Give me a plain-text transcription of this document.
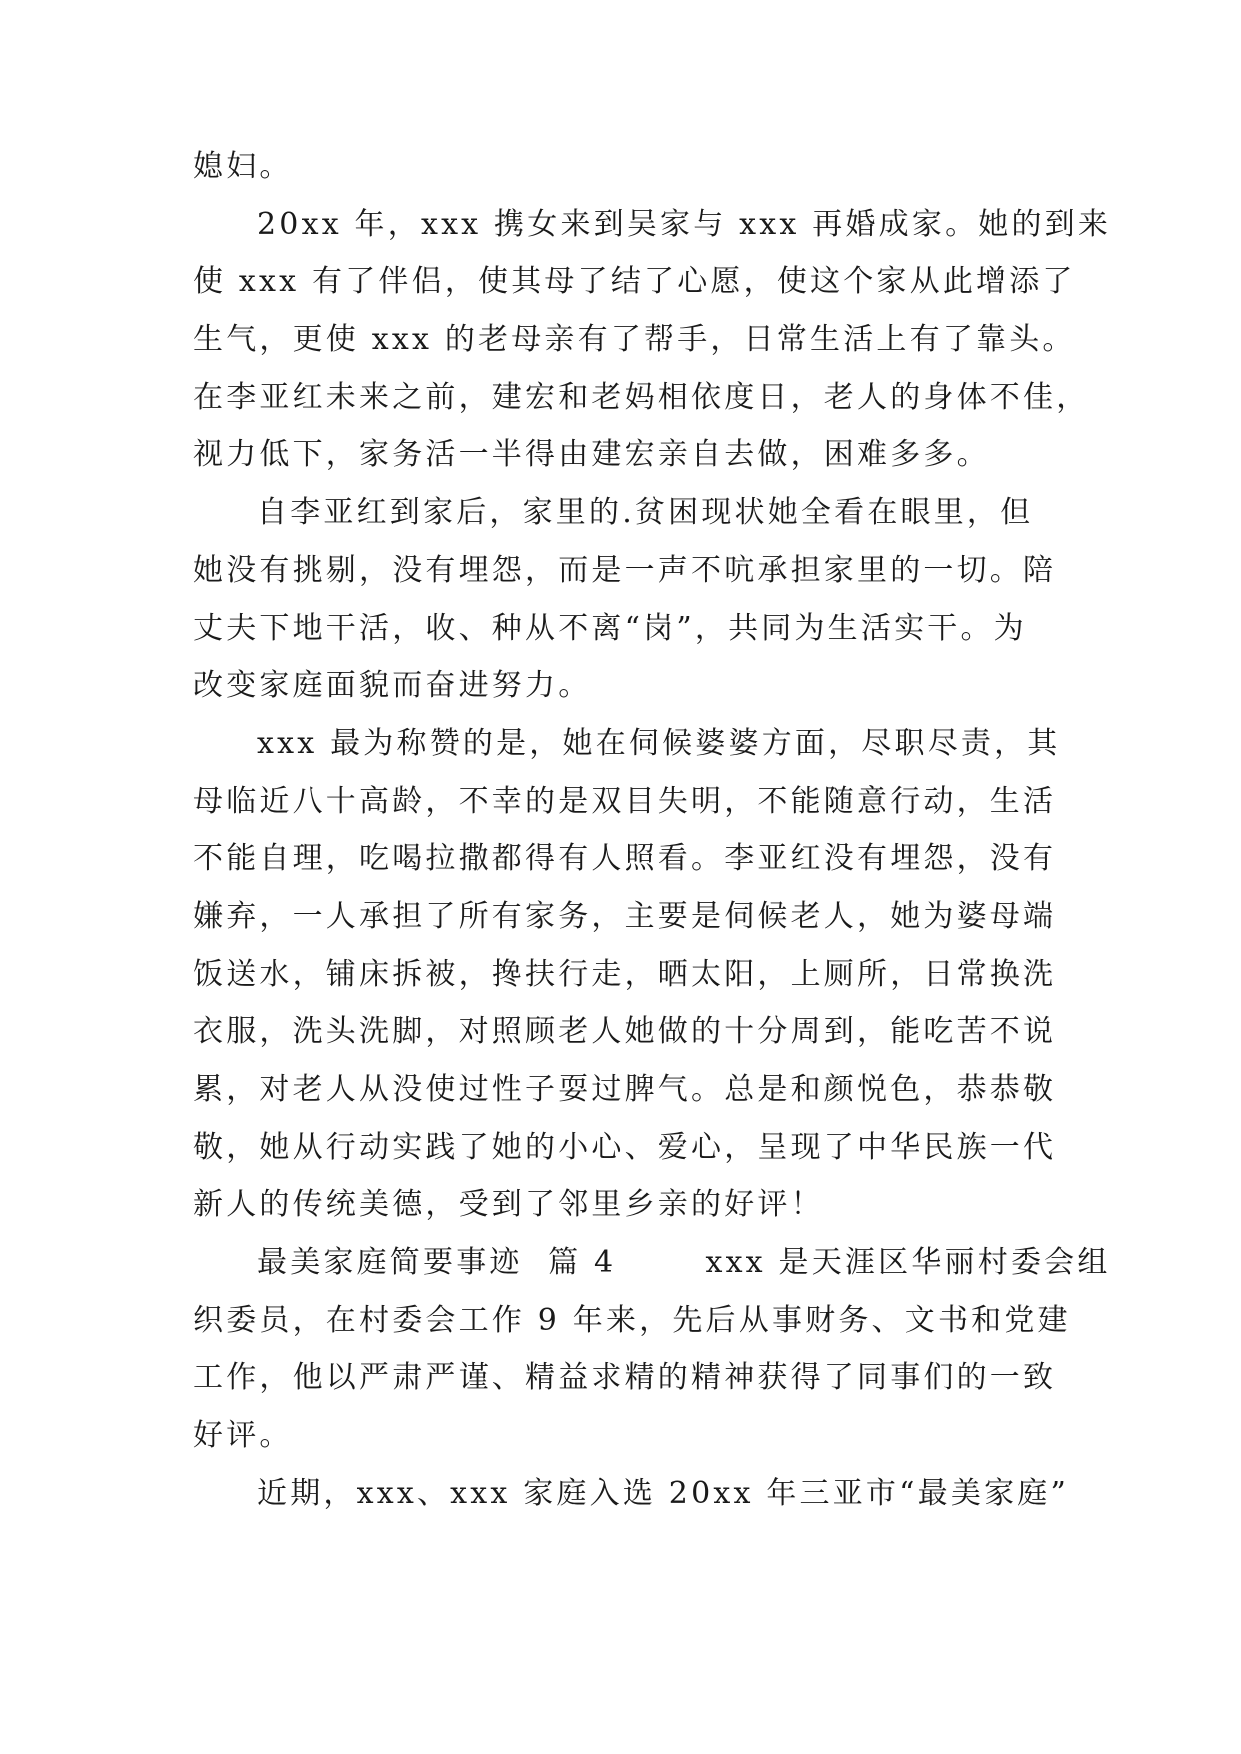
媳妇。
20xx 年，xxx 携女来到吴家与 xxx 再婚成家。她的到来
使 xxx 有了伴侣，使其母了结了心愿，使这个家从此增添了
生气，更使 xxx 的老母亲有了帮手，日常生活上有了靠头。
在李亚红未来之前，建宏和老妈相依度日，老人的身体不佳，
视力低下，家务活一半得由建宏亲自去做，困难多多。
自李亚红到家后，家里的.贫困现状她全看在眼里，但
她没有挑剔，没有埋怨，而是一声不吭承担家里的一切。陪
丈夫下地干活，收、种从不离“岗”，共同为生活实干。为
改变家庭面貌而奋进努力。
xxx 最为称赞的是，她在伺候婆婆方面，尽职尽责，其
母临近八十高龄，不幸的是双目失明，不能随意行动，生活
不能自理，吃喝拉撒都得有人照看。李亚红没有埋怨，没有
嫌弃，一人承担了所有家务，主要是伺候老人，她为婆母端
饭送水，铺床拆被，搀扶行走，晒太阳，上厕所，日常换洗
衣服，洗头洗脚，对照顾老人她做的十分周到，能吃苦不说
累，对老人从没使过性子耍过脾气。总是和颜悦色，恭恭敬
敬，她从行动实践了她的小心、爱心，呈现了中华民族一代
新人的传统美德，受到了邻里乡亲的好评！
最美家庭简要事迹  篇 4       xxx 是天涯区华丽村委会组
织委员，在村委会工作 9 年来，先后从事财务、文书和党建
工作，他以严肃严谨、精益求精的精神获得了同事们的一致
好评。
近期，xxx、xxx 家庭入选 20xx 年三亚市“最美家庭”
